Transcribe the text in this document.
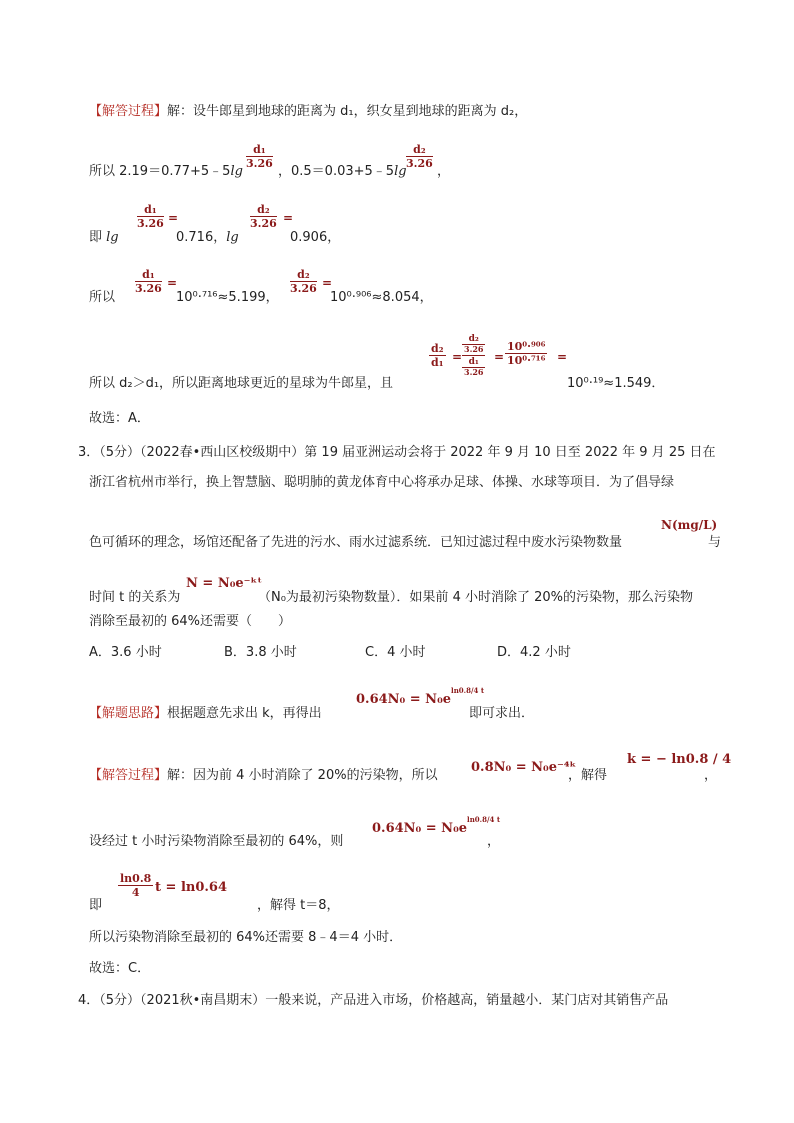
【解答过程】解：设牛郎星到地球的距离为 d₁，织女星到地球的距离为 d₂，
所以 2.19＝0.77+5﹣5lg
d₁
3.26
，0.5＝0.03+5﹣5lg
d₂
3.26
，
即 lg
d₁
3.26 =
0.716，lg
d₂
3.26 =
0.906，
所以
d₁
3.26 =
10⁰·⁷¹⁶≈5.199，
d₂
3.26 =
10⁰·⁹⁰⁶≈8.054，
所以 d₂＞d₁，所以距离地球更近的星球为牛郎星，且
d₂
d₁ =
d₂
3.26
d₁
3.26
=
10⁰·⁹⁰⁶
10⁰·⁷¹⁶ =
10⁰·¹⁹≈1.549．
故选：A．
3．（5分）（2022春•西山区校级期中）第 19 届亚洲运动会将于 2022 年 9 月 10 日至 2022 年 9 月 25 日在
浙江省杭州市举行，换上智慧脑、聪明肺的黄龙体育中心将承办足球、体操、水球等项目．为了倡导绿
色可循环的理念，场馆还配备了先进的污水、雨水过滤系统．已知过滤过程中废水污染物数量
N(mg/L)
与
时间 t 的关系为
N = N₀e⁻ᵏᵗ
（N₀为最初污染物数量）．如果前 4 小时消除了 20%的污染物，那么污染物
消除至最初的 64%还需要（　　）
A．3.6 小时	B．3.8 小时	C．4 小时	D．4.2 小时
【解题思路】根据题意先求出 k，再得出
$0.64N_0 = N_0e^{ln0.8/4 t}$
即可求出．
【解答过程】解：因为前 4 小时消除了 20%的污染物，所以
0.8N₀ = N₀e⁻⁴ᵏ
，解得
k = − ln0.8 / 4
，
设经过 t 小时污染物消除至最初的 64%，则
$0.64N_0 = N_0e^{ln0.8/4 t}$
，
即
ln0.8
4	t = ln0.64
，解得 t＝8，
所以污染物消除至最初的 64%还需要 8﹣4＝4 小时．
故选：C．
4．（5分）（2021秋•南昌期末）一般来说，产品进入市场，价格越高，销量越小．某门店对其销售产品
